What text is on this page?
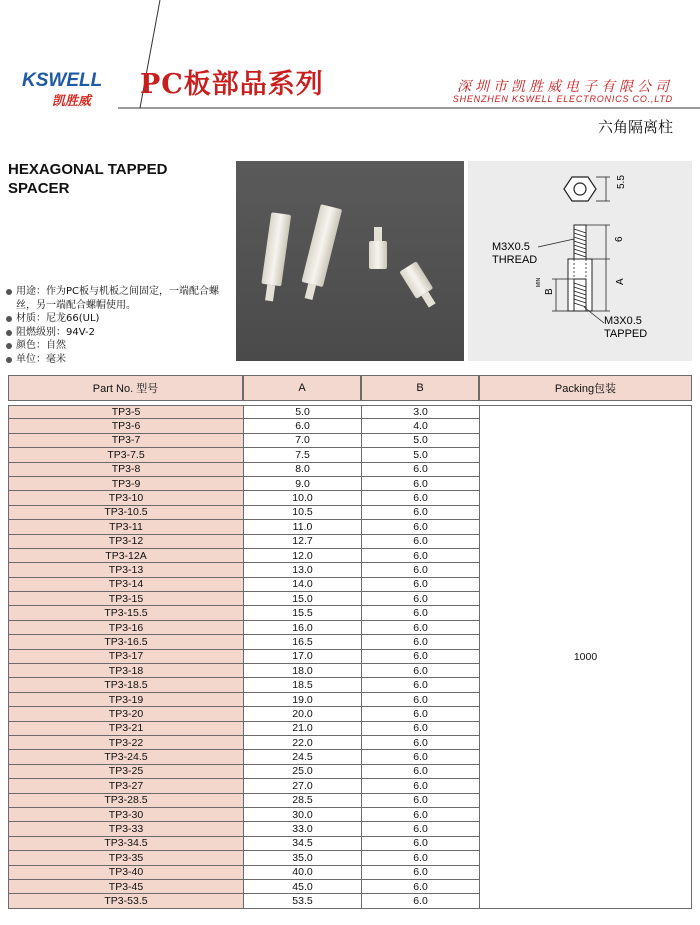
KSWELL
凯胜威
PC板部品系列	深圳市凯胜威电子有限公司
SHENZHEN KSWELL ELECTRONICS CO.,LTD
六角隔离柱
HEXAGONAL TAPPED
SPACER
用途：作为PC板与机板之间固定，一端配合螺丝，另一端配合螺帽使用。
材质：尼龙66(UL)
阻燃级别：94V-2
颜色：自然
单位：毫米
5.5
6
A
B
MIN
M3X0.5
THREAD
M3X0.5
TAPPED
Part No. 型号	A	B	Packing包装

TP3-5	5.0	3.0	1000
TP3-6	6.0	4.0	
TP3-7	7.0	5.0	
TP3-7.5	7.5	5.0	
TP3-8	8.0	6.0	
TP3-9	9.0	6.0	
TP3-10	10.0	6.0	
TP3-10.5	10.5	6.0	
TP3-11	11.0	6.0	
TP3-12	12.7	6.0	
TP3-12A	12.0	6.0	
TP3-13	13.0	6.0	
TP3-14	14.0	6.0	
TP3-15	15.0	6.0	
TP3-15.5	15.5	6.0	
TP3-16	16.0	6.0	
TP3-16.5	16.5	6.0	
TP3-17	17.0	6.0	
TP3-18	18.0	6.0	
TP3-18.5	18.5	6.0	
TP3-19	19.0	6.0	
TP3-20	20.0	6.0	
TP3-21	21.0	6.0	
TP3-22	22.0	6.0	
TP3-24.5	24.5	6.0	
TP3-25	25.0	6.0	
TP3-27	27.0	6.0	
TP3-28.5	28.5	6.0	
TP3-30	30.0	6.0	
TP3-33	33.0	6.0	
TP3-34.5	34.5	6.0	
TP3-35	35.0	6.0	
TP3-40	40.0	6.0	
TP3-45	45.0	6.0	
TP3-53.5	53.5	6.0	
